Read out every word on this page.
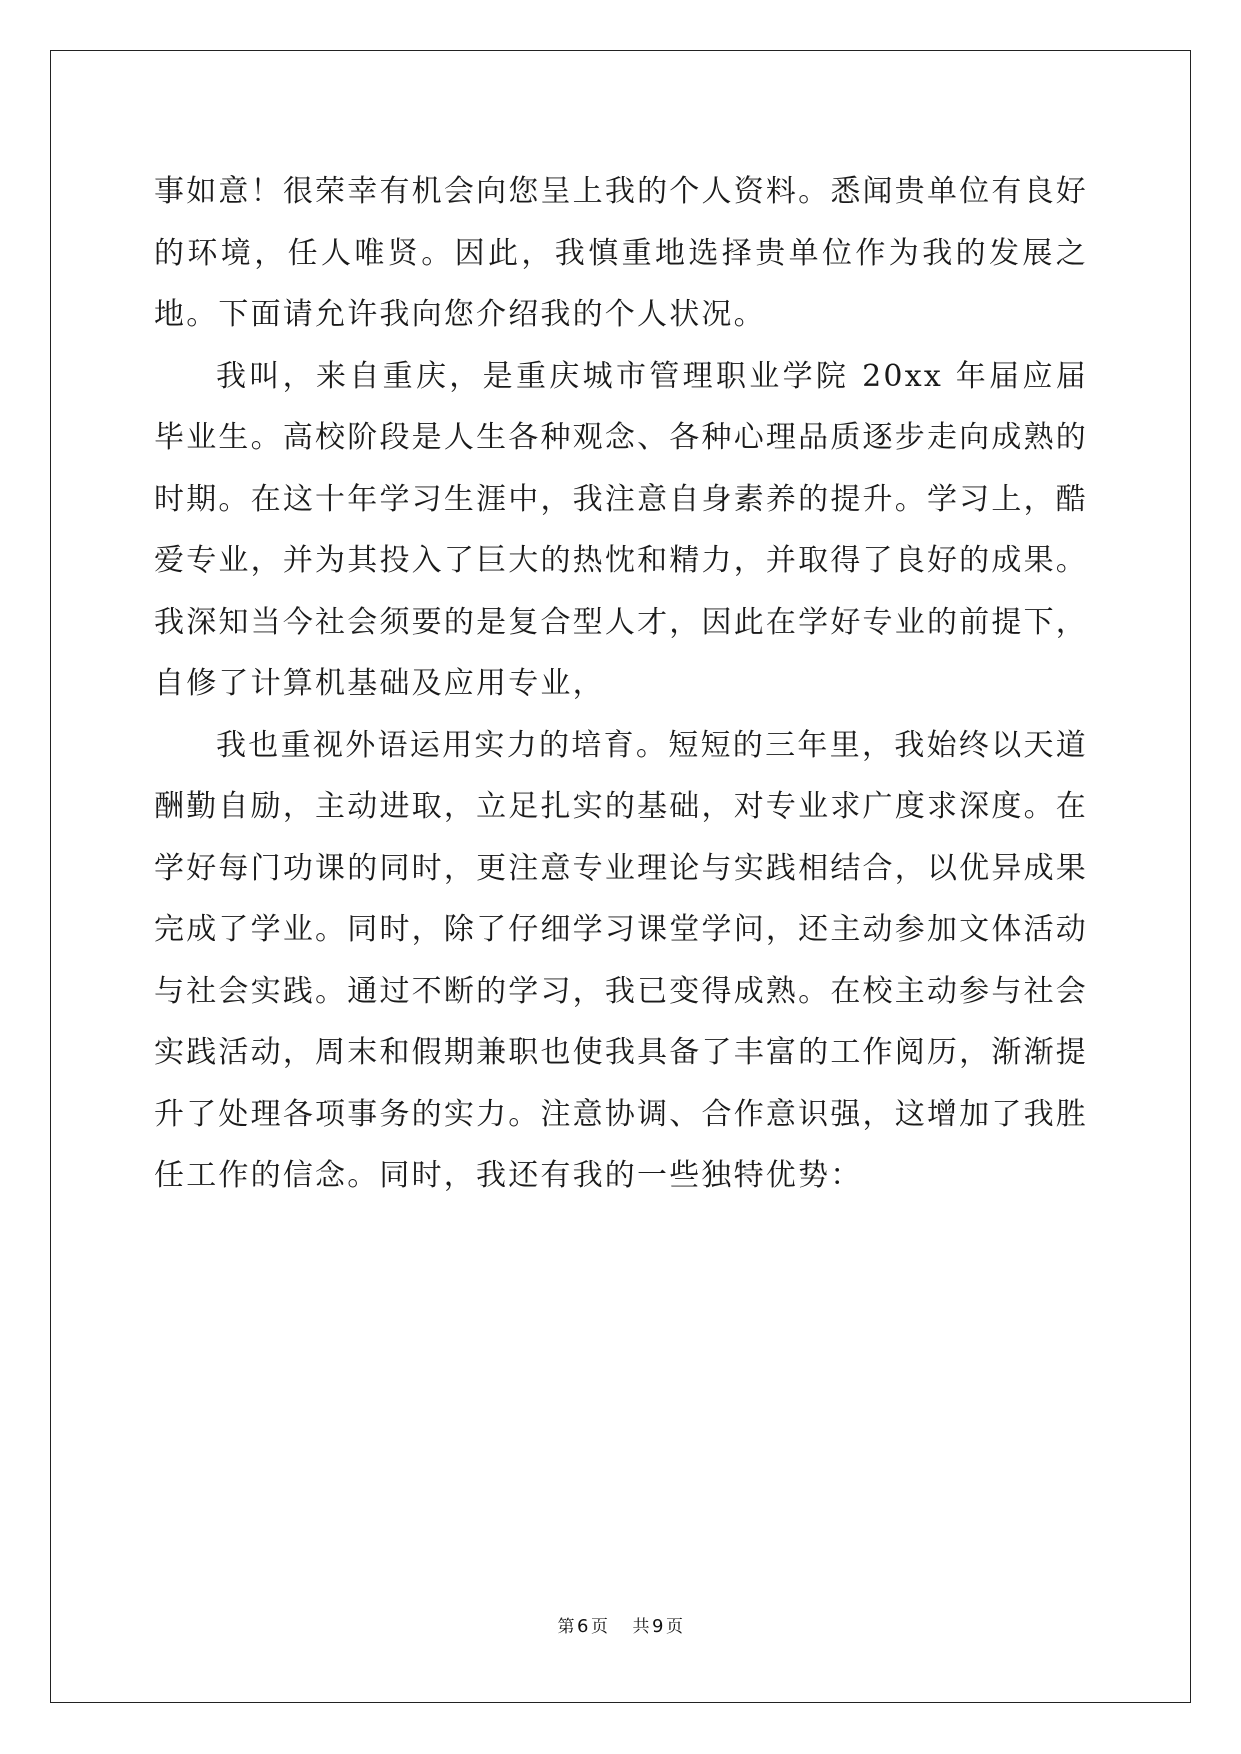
事如意！很荣幸有机会向您呈上我的个人资料。悉闻贵单位有良好的环境，任人唯贤。因此，我慎重地选择贵单位作为我的发展之地。下面请允许我向您介绍我的个人状况。

我叫，来自重庆，是重庆城市管理职业学院 20xx 年届应届毕业生。高校阶段是人生各种观念、各种心理品质逐步走向成熟的时期。在这十年学习生涯中，我注意自身素养的提升。学习上，酷爱专业，并为其投入了巨大的热忱和精力，并取得了良好的成果。我深知当今社会须要的是复合型人才，因此在学好专业的前提下，自修了计算机基础及应用专业，

我也重视外语运用实力的培育。短短的三年里，我始终以天道酬勤自励，主动进取，立足扎实的基础，对专业求广度求深度。在学好每门功课的同时，更注意专业理论与实践相结合，以优异成果完成了学业。同时，除了仔细学习课堂学问，还主动参加文体活动与社会实践。通过不断的学习，我已变得成熟。在校主动参与社会实践活动，周末和假期兼职也使我具备了丰富的工作阅历，渐渐提升了处理各项事务的实力。注意协调、合作意识强，这增加了我胜任工作的信念。同时，我还有我的一些独特优势：

第 6 页 共 9 页
